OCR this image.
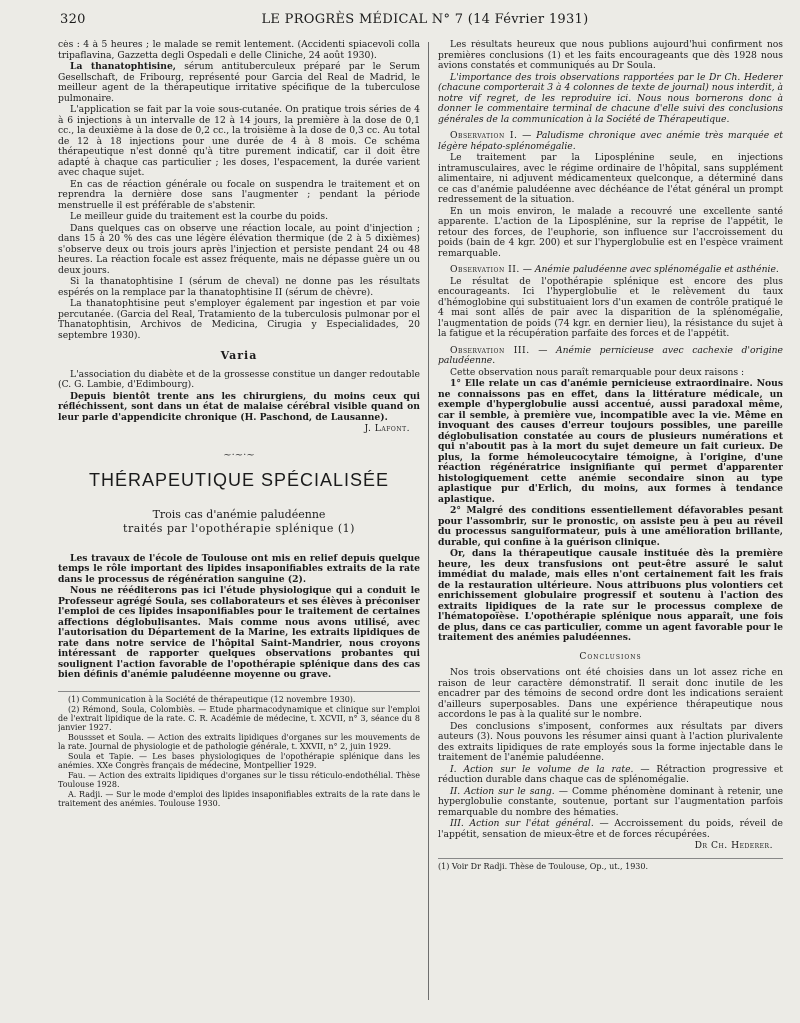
320	LE PROGRÈS MÉDICAL N° 7 (14 Février 1931)

cès : 4 à 5 heures ; le malade se remit lentement. (Accidenti spiacevoli colla tripaflavina, Gazzetta degli Ospedali e delle Cliniche, 24 août 1930).

La thanatophtisine, sérum antituberculeux préparé par le Serum Gesellschaft, de Fribourg, représenté pour Garcia del Real de Madrid, le meilleur agent de la thérapeutique irritative spécifique de la tuberculose pulmonaire.

L'application se fait par la voie sous-cutanée. On pratique trois séries de 4 à 6 injections à un intervalle de 12 à 14 jours, la première à la dose de 0,1 cc., la deuxième à la dose de 0,2 cc., la troisième à la dose de 0,3 cc. Au total de 12 à 18 injections pour une durée de 4 à 8 mois. Ce schéma thérapeutique n'est donné qu'à titre purement indicatif, car il doit être adapté à chaque cas particulier ; les doses, l'espacement, la durée varient avec chaque sujet.

En cas de réaction générale ou focale on suspendra le traitement et on reprendra la dernière dose sans l'augmenter ; pendant la période menstruelle il est préférable de s'abstenir.

Le meilleur guide du traitement est la courbe du poids.

Dans quelques cas on observe une réaction locale, au point d'injection ; dans 15 à 20 % des cas une légère élévation thermique (de 2 à 5 dixièmes) s'observe deux ou trois jours après l'injection et persiste pendant 24 ou 48 heures. La réaction focale est assez fréquente, mais ne dépasse guère un ou deux jours.

Si la thanatophtisine I (sérum de cheval) ne donne pas les résultats espérés on la remplace par la thanatophtisine II (sérum de chèvre).

La thanatophtisine peut s'employer également par ingestion et par voie percutanée. (Garcia del Real, Tratamiento de la tuberculosis pulmonar por el Thanatophtisin, Archivos de Medicina, Cirugia y Especialidades, 20 septembre 1930).

Varia

L'association du diabète et de la grossesse constitue un danger redoutable (C. G. Lambie, d'Edimbourg).

Depuis bientôt trente ans les chirurgiens, du moins ceux qui réfléchissent, sont dans un état de malaise cérébral visible quand on leur parle d'appendicite chronique (H. Paschond, de Lausanne).

J. Lafont.
~·~·~
THÉRAPEUTIQUE SPÉCIALISÉE
Trois cas d'anémie paludéenne
traités par l'opothérapie splénique (1)

Les travaux de l'école de Toulouse ont mis en relief depuis quelque temps le rôle important des lipides insaponifiables extraits de la rate dans le processus de régénération sanguine (2).

Nous ne rééditerons pas ici l'étude physiologique qui a conduit le Professeur agrégé Soula, ses collaborateurs et ses élèves à préconiser l'emploi de ces lipides insaponifiables pour le traitement de certaines affections déglobulisantes. Mais comme nous avons utilisé, avec l'autorisation du Département de la Marine, les extraits lipidiques de rate dans notre service de l'hôpital Saint-Mandrier, nous croyons intéressant de rapporter quelques observations probantes qui soulignent l'action favorable de l'opothérapie splénique dans des cas bien définis d'anémie paludéenne moyenne ou grave.

(1) Communication à la Société de thérapeutique (12 novembre 1930).

(2) Rémond, Soula, Colombiès. — Etude pharmacodynamique et clinique sur l'emploi de l'extrait lipidique de la rate. C. R. Académie de médecine, t. XCVII, n° 3, séance du 8 janvier 1927.

Boussset et Soula. — Action des extraits lipidiques d'organes sur les mouvements de la rate. Journal de physiologie et de pathologie générale, t. XXVII, n° 2, juin 1929.

Soula et Tapie. — Les bases physiologiques de l'opothérapie splénique dans les anémies. XXe Congrès français de médecine, Montpellier 1929.

Fau. — Action des extraits lipidiques d'organes sur le tissu réticulo-endothélial. Thèse Toulouse 1928.

A. Radji. — Sur le mode d'emploi des lipides insaponifiables extraits de la rate dans le traitement des anémies. Toulouse 1930.

Les résultats heureux que nous publions aujourd'hui confirment nos premières conclusions (1) et les faits encourageants que dès 1928 nous avions constatés et communiqués au Dr Soula.

L'importance des trois observations rapportées par le Dr Ch. Hederer (chacune comporterait 3 à 4 colonnes de texte de journal) nous interdit, à notre vif regret, de les reproduire ici. Nous nous bornerons donc à donner le commentaire terminal de chacune d'elle suivi des conclusions générales de la communication à la Société de Thérapeutique.

Observation I. — Paludisme chronique avec anémie très marquée et légère hépato-splénomégalie.

Le traitement par la Liposplénine seule, en injections intramusculaires, avec le régime ordinaire de l'hôpital, sans supplément alimentaire, ni adjuvent médicamenteux quelconque, a déterminé dans ce cas d'anémie paludéenne avec déchéance de l'état général un prompt redressement de la situation.

En un mois environ, le malade a recouvré une excellente santé apparente. L'action de la Liposplénine, sur la reprise de l'appétit, le retour des forces, de l'euphorie, son influence sur l'accroissement du poids (bain de 4 kgr. 200) et sur l'hyperglobulie est en l'espèce vraiment remarquable.

Observation II. — Anémie paludéenne avec splénomégalie et asthénie.

Le résultat de l'opothérapie splénique est encore des plus encourageants. Ici l'hyperglobulie et le relèvement du taux d'hémoglobine qui substituaient lors d'un examen de contrôle pratiqué le 4 mai sont allés de pair avec la disparition de la splénomégalie, l'augmentation de poids (74 kgr. en dernier lieu), la résistance du sujet à la fatigue et la récupération parfaite des forces et de l'appétit.

Observation III. — Anémie pernicieuse avec cachexie d'origine paludéenne.

Cette observation nous paraît remarquable pour deux raisons :

1° Elle relate un cas d'anémie pernicieuse extraordinaire. Nous ne connaissons pas en effet, dans la littérature médicale, un exemple d'hyperglobulie aussi accentué, aussi paradoxal même, car il semble, à première vue, incompatible avec la vie. Même en invoquant des causes d'erreur toujours possibles, une pareille déglobulisation constatée au cours de plusieurs numérations et qui n'aboutit pas à la mort du sujet demeure un fait curieux. De plus, la forme hémoleucocytaire témoigne, à l'origine, d'une réaction régénératrice insignifiante qui permet d'apparenter histologiquement cette anémie secondaire sinon au type aplastique pur d'Erlich, du moins, aux formes à tendance aplastique.

2° Malgré des conditions essentiellement défavorables pesant pour l'assombrir, sur le pronostic, on assiste peu à peu au réveil du processus sanguiformateur, puis à une amélioration brillante, durable, qui confine à la guérison clinique.

Or, dans la thérapeutique causale instituée dès la première heure, les deux transfusions ont peut-être assuré le salut immédiat du malade, mais elles n'ont certainement fait les frais de la restauration ultérieure. Nous attribuons plus volontiers cet enrichissement globulaire progressif et soutenu à l'action des extraits lipidiques de la rate sur le processus complexe de l'hématopoïèse. L'opothérapie splénique nous apparaît, une fois de plus, dans ce cas particulier, comme un agent favorable pour le traitement des anémies paludéennes.

Conclusions

Nos trois observations ont été choisies dans un lot assez riche en raison de leur caractère démonstratif. Il serait donc inutile de les encadrer par des témoins de second ordre dont les indications seraient d'ailleurs superposables. Dans une expérience thérapeutique nous accordons le pas à la qualité sur le nombre.

Des conclusions s'imposent, conformes aux résultats par divers auteurs (3). Nous pouvons les résumer ainsi quant à l'action plurivalente des extraits lipidiques de rate employés sous la forme injectable dans le traitement de l'anémie paludéenne.

I. Action sur le volume de la rate. — Rétraction progressive et réduction durable dans chaque cas de splénomégalie.

II. Action sur le sang. — Comme phénomène dominant à retenir, une hyperglobulie constante, soutenue, portant sur l'augmentation parfois remarquable du nombre des hématies.

III. Action sur l'état général. — Accroissement du poids, réveil de l'appétit, sensation de mieux-être et de forces récupérées.

Dr Ch. Hederer.
(1) Voir Dr Radji. Thèse de Toulouse, Op., ut., 1930.
